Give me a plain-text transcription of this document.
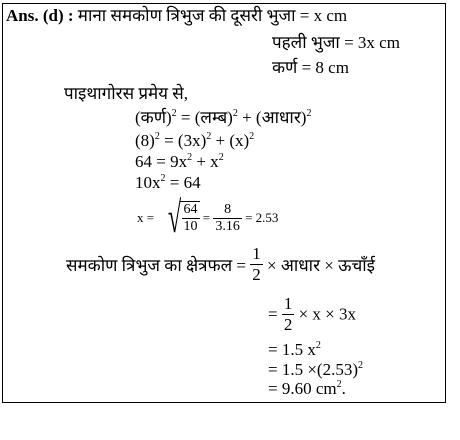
Ans. (d) : माना समकोण त्रिभुज की दूसरी भुजा = x cm
पहली भुजा = 3x cm
कर्ण = 8 cm
पाइथागोरस प्रमेय से,
(कर्ण)$^2$ = (लम्ब)$^2$ + (आधार)$^2$
$(8)^2 = (3x)^2 + (x)^2$
$64 = 9x^2 + x^2$
$10x^2 = 64$
x = √ $\frac{64}{10} = \frac{8}{3.16} = 2.53$
समकोण त्रिभुज का क्षेत्रफल = $\frac{1}{2}$ × आधार × ऊचाँई
= $\frac{1}{2} \times x \times 3x$
= 1.5 $x^2$
= $1.5 \times(2.53)^2$
= 9.60 $cm^2$.
